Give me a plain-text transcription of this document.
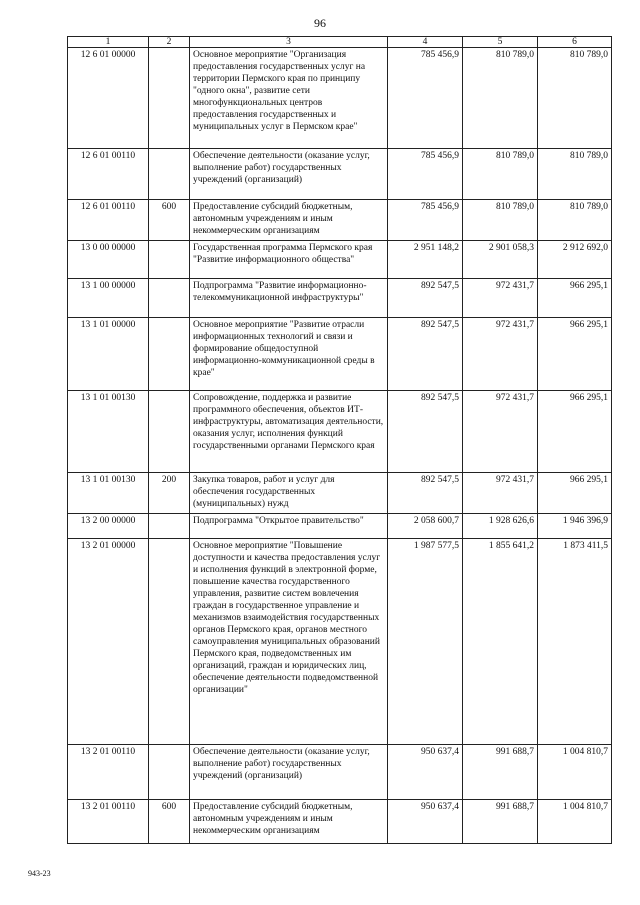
96
1	2	3	4	5	6
12 6 01 00000		Основное мероприятие "Организация предоставления государственных услуг на территории Пермского края по принципу "одного окна", развитие сети многофункциональных центров предоставления государственных и муниципальных услуг в Пермском крае"	785 456,9	810 789,0	810 789,0
12 6 01 00110		Обеспечение деятельности (оказание услуг, выполнение работ) государственных учреждений (организаций)	785 456,9	810 789,0	810 789,0
12 6 01 00110	600	Предоставление субсидий бюджетным, автономным учреждениям и иным некоммерческим организациям	785 456,9	810 789,0	810 789,0
13 0 00 00000		Государственная программа Пермского края "Развитие информационного общества"	2 951 148,2	2 901 058,3	2 912 692,0
13 1 00 00000		Подпрограмма "Развитие информационно-телекоммуникационной инфраструктуры"	892 547,5	972 431,7	966 295,1
13 1 01 00000		Основное мероприятие "Развитие отрасли информационных технологий и связи и формирование общедоступной информационно-коммуникационной среды в крае"	892 547,5	972 431,7	966 295,1
13 1 01 00130		Сопровождение, поддержка и развитие программного обеспечения, объектов ИТ-инфраструктуры, автоматизация деятельности, оказания услуг, исполнения функций государственными органами Пермского края	892 547,5	972 431,7	966 295,1
13 1 01 00130	200	Закупка товаров, работ и услуг для обеспечения государственных (муниципальных) нужд	892 547,5	972 431,7	966 295,1
13 2 00 00000		Подпрограмма "Открытое правительство"	2 058 600,7	1 928 626,6	1 946 396,9
13 2 01 00000		Основное мероприятие "Повышение доступности и качества предоставления услуг и исполнения функций в электронной форме, повышение качества государственного управления, развитие систем вовлечения граждан в государственное управление и механизмов взаимодействия государственных органов Пермского края, органов местного самоуправления муниципальных образований Пермского края, подведомственных им организаций, граждан и юридических лиц, обеспечение деятельности подведомственной организации"	1 987 577,5	1 855 641,2	1 873 411,5
13 2 01 00110		Обеспечение деятельности (оказание услуг, выполнение работ) государственных учреждений (организаций)	950 637,4	991 688,7	1 004 810,7
13 2 01 00110	600	Предоставление субсидий бюджетным, автономным учреждениям и иным некоммерческим организациям	950 637,4	991 688,7	1 004 810,7
943-23
